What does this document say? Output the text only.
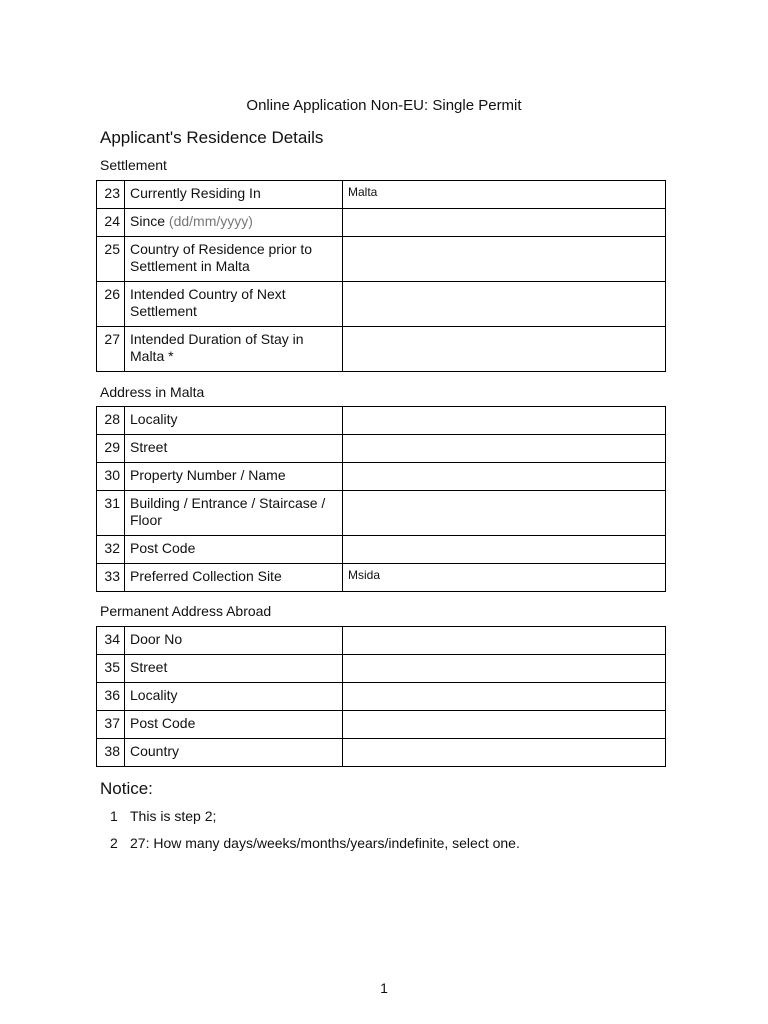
Online Application Non-EU: Single Permit
Applicant's Residence Details
Settlement
23	Currently Residing In	Malta
24	Since (dd/mm/yyyy)	
25	Country of Residence prior to Settlement in Malta	
26	Intended Country of Next Settlement	
27	Intended Duration of Stay in Malta *	
Address in Malta
28	Locality	
29	Street	
30	Property Number / Name	
31	Building / Entrance / Staircase / Floor	
32	Post Code	
33	Preferred Collection Site	Msida
Permanent Address Abroad
34	Door No	
35	Street	
36	Locality	
37	Post Code	
38	Country	
Notice:
1 This is step 2;
2 27: How many days/weeks/months/years/indefinite, select one.
1
